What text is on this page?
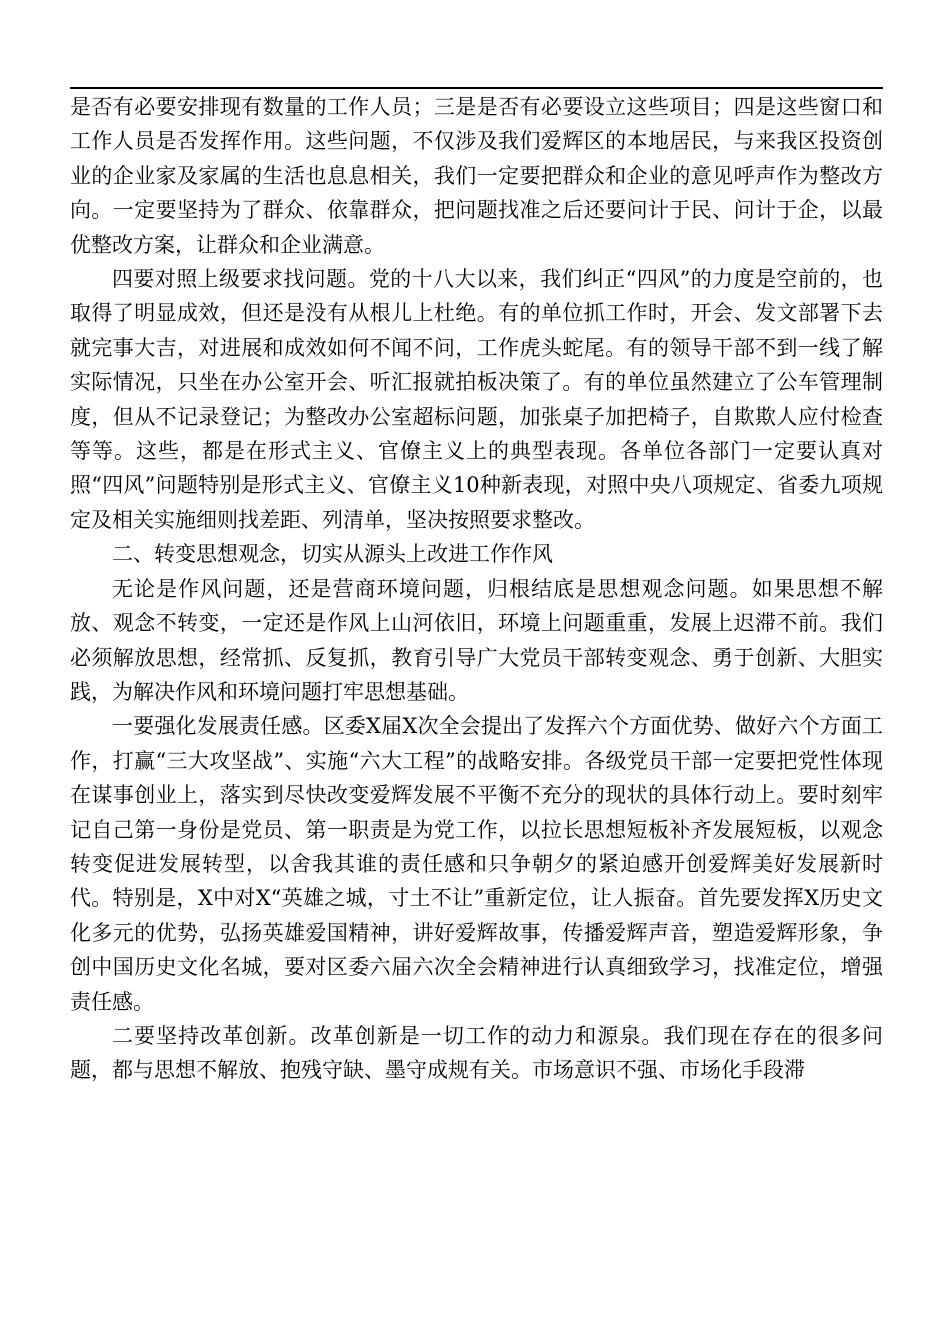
是否有必要安排现有数量的工作人员；三是是否有必要设立这些项目；四是这些窗口和工作人员是否发挥作用。这些问题，不仅涉及我们爱辉区的本地居民，与来我区投资创业的企业家及家属的生活也息息相关，我们一定要把群众和企业的意见呼声作为整改方向。一定要坚持为了群众、依靠群众，把问题找准之后还要问计于民、问计于企，以最优整改方案，让群众和企业满意。

四要对照上级要求找问题。党的十八大以来，我们纠正“四风”的力度是空前的，也取得了明显成效，但还是没有从根儿上杜绝。有的单位抓工作时，开会、发文部署下去就完事大吉，对进展和成效如何不闻不问，工作虎头蛇尾。有的领导干部不到一线了解实际情况，只坐在办公室开会、听汇报就拍板决策了。有的单位虽然建立了公车管理制度，但从不记录登记；为整改办公室超标问题，加张桌子加把椅子，自欺欺人应付检查等等。这些，都是在形式主义、官僚主义上的典型表现。各单位各部门一定要认真对照“四风”问题特别是形式主义、官僚主义10种新表现，对照中央八项规定、省委九项规定及相关实施细则找差距、列清单，坚决按照要求整改。

二、转变思想观念，切实从源头上改进工作作风

无论是作风问题，还是营商环境问题，归根结底是思想观念问题。如果思想不解放、观念不转变，一定还是作风上山河依旧，环境上问题重重，发展上迟滞不前。我们必须解放思想，经常抓、反复抓，教育引导广大党员干部转变观念、勇于创新、大胆实践，为解决作风和环境问题打牢思想基础。

一要强化发展责任感。区委X届X次全会提出了发挥六个方面优势、做好六个方面工作，打赢“三大攻坚战”、实施“六大工程”的战略安排。各级党员干部一定要把党性体现在谋事创业上，落实到尽快改变爱辉发展不平衡不充分的现状的具体行动上。要时刻牢记自己第一身份是党员、第一职责是为党工作，以拉长思想短板补齐发展短板，以观念转变促进发展转型，以舍我其谁的责任感和只争朝夕的紧迫感开创爱辉美好发展新时代。特别是，X中对X“英雄之城，寸土不让”重新定位，让人振奋。首先要发挥X历史文化多元的优势，弘扬英雄爱国精神，讲好爱辉故事，传播爱辉声音，塑造爱辉形象，争创中国历史文化名城，要对区委六届六次全会精神进行认真细致学习，找准定位，增强责任感。

二要坚持改革创新。改革创新是一切工作的动力和源泉。我们现在存在的很多问题，都与思想不解放、抱残守缺、墨守成规有关。市场意识不强、市场化手段滞
